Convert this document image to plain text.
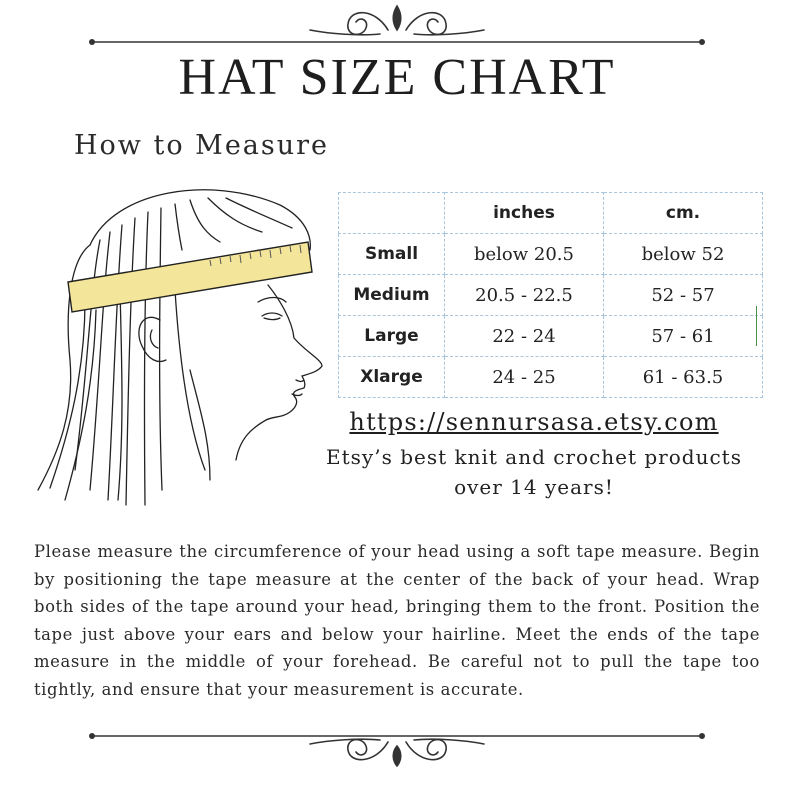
HAT SIZE CHART
How to Measure
	inches	cm.
Small	below 20.5	below 52
Medium	20.5 - 22.5	52 - 57
Large	22 - 24	57 - 61
Xlarge	24 - 25	61 - 63.5
https://sennursasa.etsy.com
Etsy’s best knit and crochet products over 14 years!
Please measure the circumference of your head using a soft tape measure. Begin by positioning the tape measure at the center of the back of your head. Wrap both sides of the tape around your head, bringing them to the front. Position the tape just above your ears and below your hairline. Meet the ends of the tape measure in the middle of your forehead. Be careful not to pull the tape too tightly, and ensure that your measurement is accurate.
